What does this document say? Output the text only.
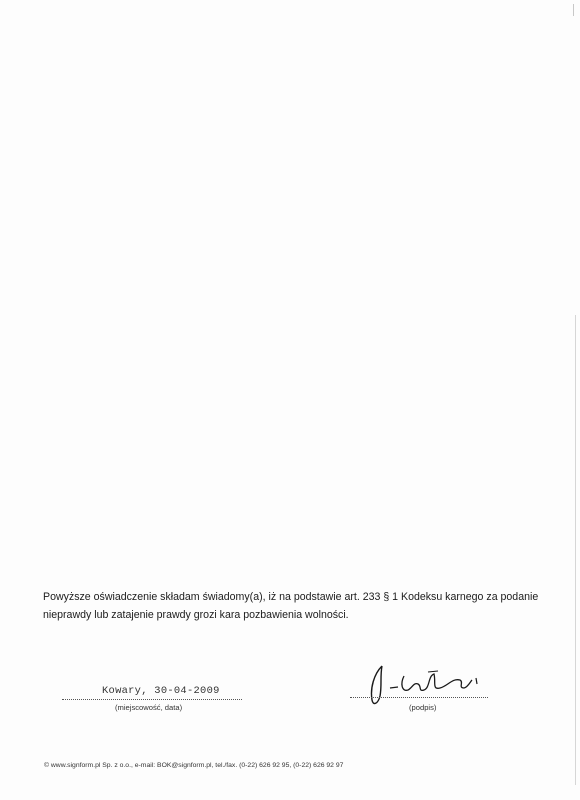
Powyższe oświadczenie składam świadomy(a), iż na podstawie art. 233 § 1 Kodeksu karnego za podanie

nieprawdy lub zatajenie prawdy grozi kara pozbawienia wolności.

Kowary, 30-04-2009
(miejscowość, data)	(podpis)
© www.signform.pl Sp. z o.o., e-mail: BOK@signform.pl, tel./fax. (0-22) 626 92 95, (0-22) 626 92 97
